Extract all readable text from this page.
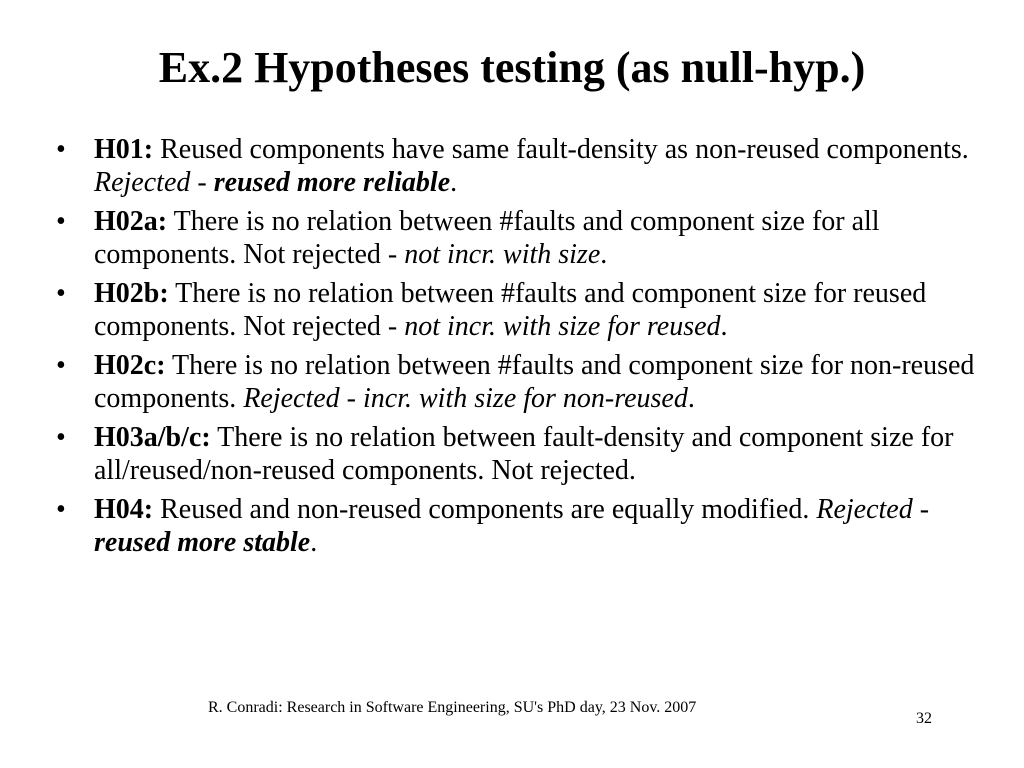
Ex.2 Hypotheses testing (as null-hyp.)
• H01: Reused components have same fault-density as non-reused components. Rejected - reused more reliable.
• H02a: There is no relation between #faults and component size for all components. Not rejected - not incr. with size.
• H02b: There is no relation between #faults and component size for reused components. Not rejected - not incr. with size for reused.
• H02c: There is no relation between #faults and component size for non-reused components. Rejected - incr. with size for non-reused.
• H03a/b/c: There is no relation between fault-density and component size for all/reused/non-reused components. Not rejected.
• H04: Reused and non-reused components are equally modified. Rejected - reused more stable.
R. Conradi: Research in Software Engineering, SU's PhD day, 23 Nov. 2007
32
